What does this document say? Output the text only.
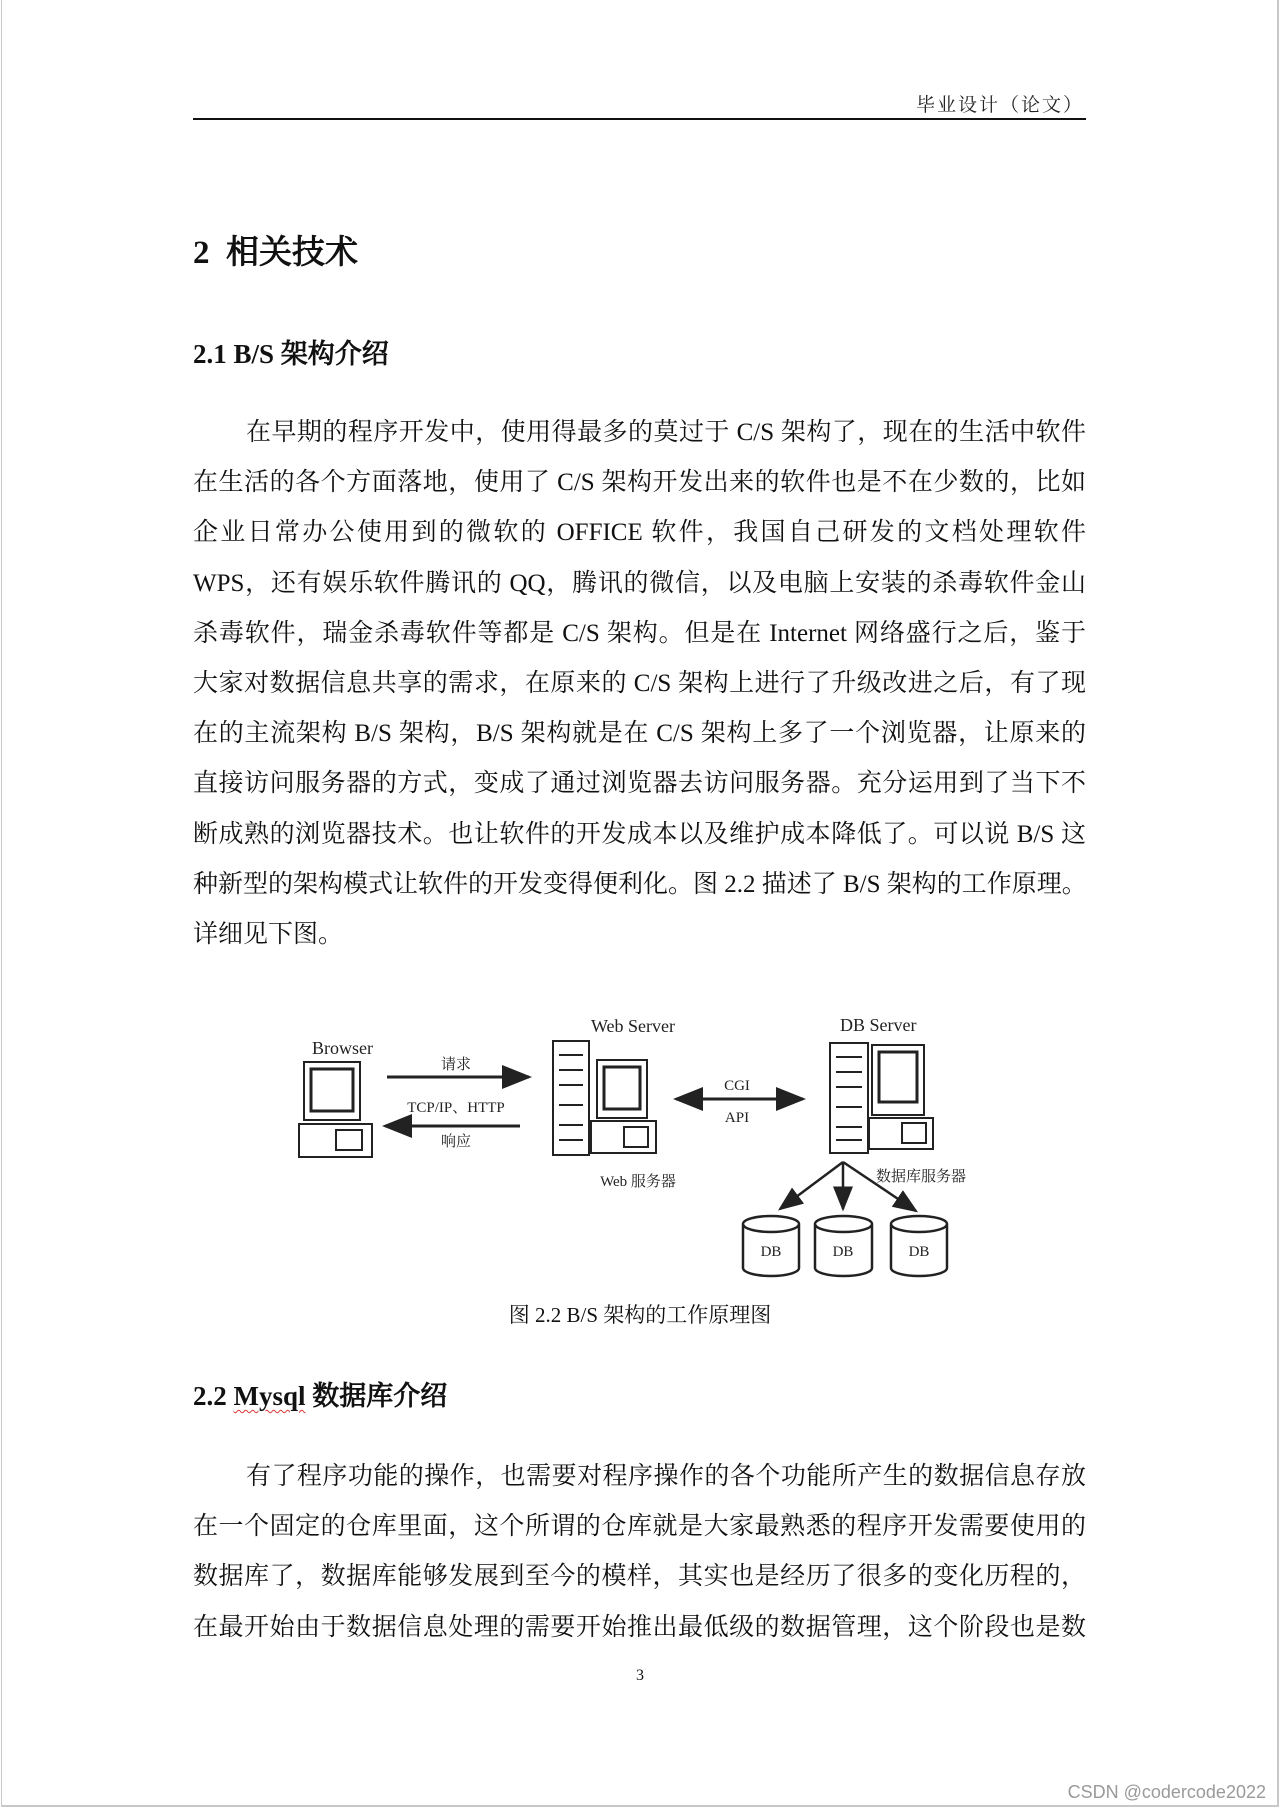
毕业设计（论文）
2  相关技术
2.1 B/S 架构介绍
在早期的程序开发中，使用得最多的莫过于 C/S 架构了，现在的生活中软件
在生活的各个方面落地，使用了 C/S 架构开发出来的软件也是不在少数的，比如
企业日常办公使用到的微软的 OFFICE 软件，我国自己研发的文档处理软件
WPS，还有娱乐软件腾讯的 QQ，腾讯的微信，以及电脑上安装的杀毒软件金山
杀毒软件，瑞金杀毒软件等都是 C/S 架构。但是在 Internet 网络盛行之后，鉴于
大家对数据信息共享的需求，在原来的 C/S 架构上进行了升级改进之后，有了现
在的主流架构 B/S 架构，B/S 架构就是在 C/S 架构上多了一个浏览器，让原来的
直接访问服务器的方式，变成了通过浏览器去访问服务器。充分运用到了当下不
断成熟的浏览器技术。也让软件的开发成本以及维护成本降低了。可以说 B/S 这
种新型的架构模式让软件的开发变得便利化。图 2.2 描述了 B/S 架构的工作原理。
详细见下图。
Browser
请求
TCP/IP、HTTP
响应
Web Server
Web 服务器
CGI
API
DB Server
数据库服务器
DB	DB	DB
图 2.2 B/S 架构的工作原理图
2.2 Mysql 数据库介绍
有了程序功能的操作，也需要对程序操作的各个功能所产生的数据信息存放
在一个固定的仓库里面，这个所谓的仓库就是大家最熟悉的程序开发需要使用的
数据库了，数据库能够发展到至今的模样，其实也是经历了很多的变化历程的，
在最开始由于数据信息处理的需要开始推出最低级的数据管理，这个阶段也是数
3
CSDN @codercode2022
